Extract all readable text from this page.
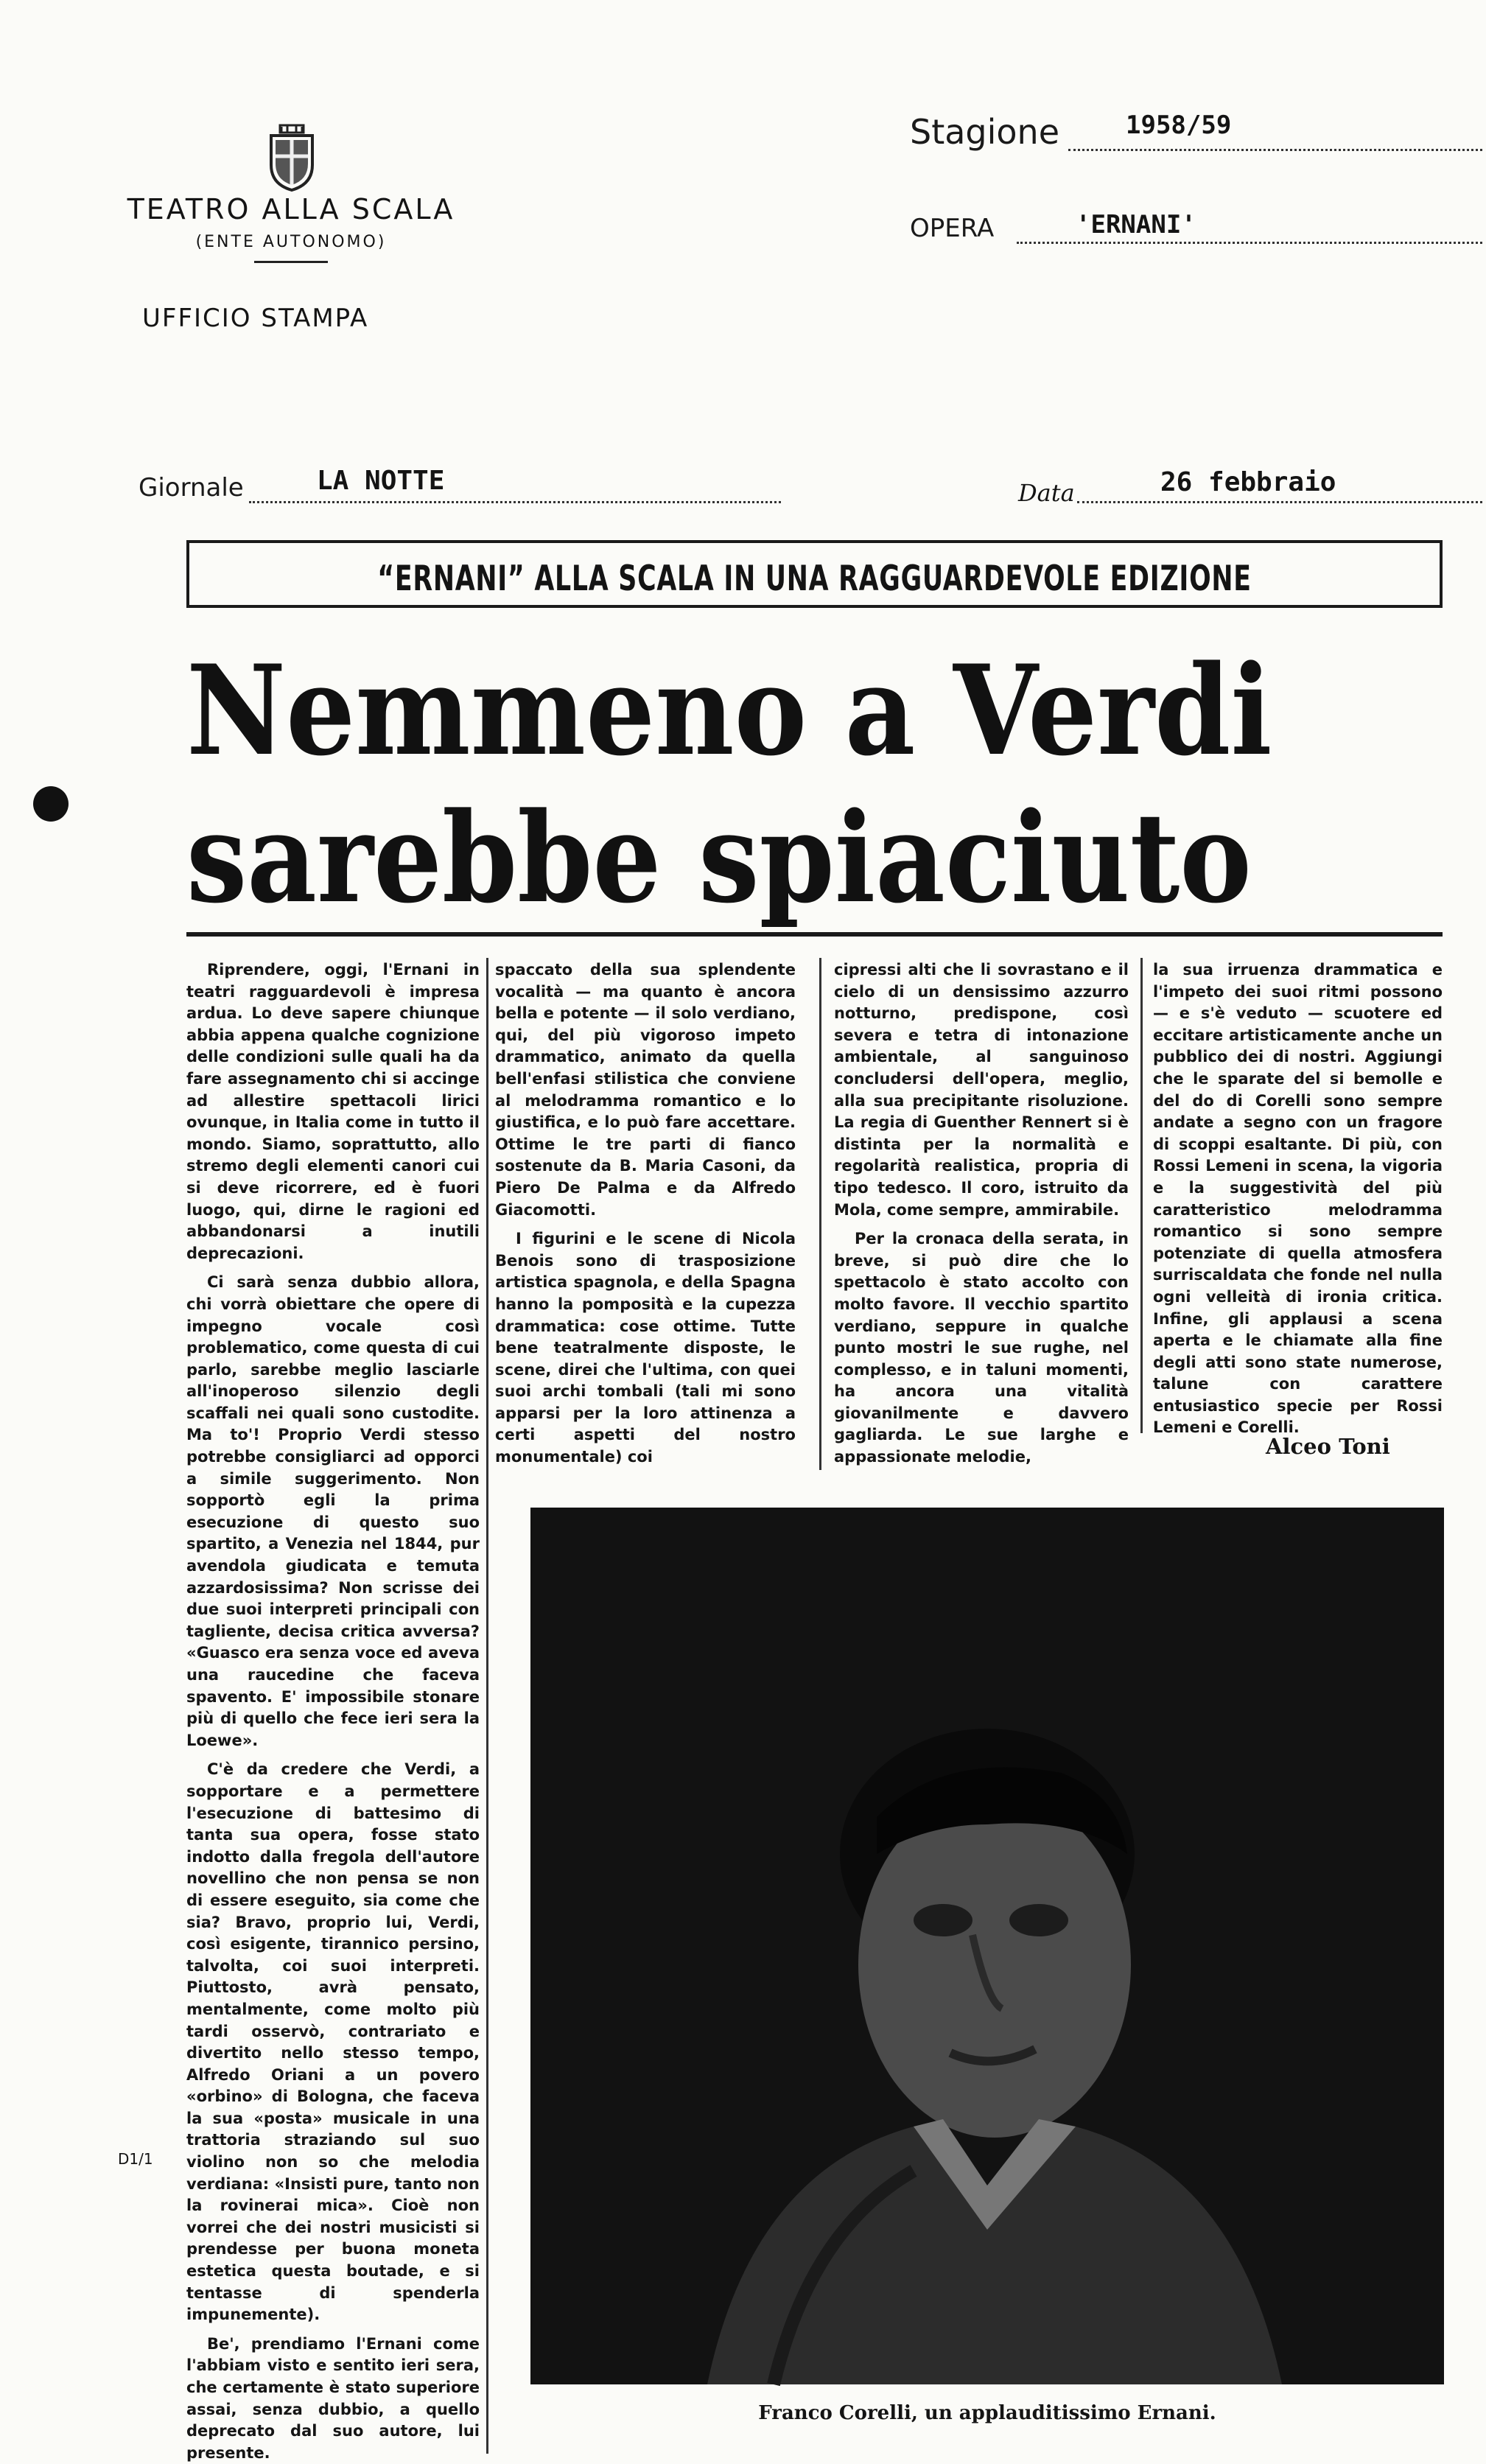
TEATRO ALLA SCALA
(ENTE AUTONOMO)
UFFICIO STAMPA
Stagione	1958/59
OPERA	'ERNANI'
Giornale	LA NOTTE	Data	26 febbraio
“ERNANI” ALLA SCALA IN UNA RAGGUARDEVOLE EDIZIONE
Nemmeno a Verdi
sarebbe spiaciuto

Riprendere, oggi, l'Ernani in teatri ragguardevoli è impresa ardua. Lo deve sapere chiunque abbia appena qualche cognizione delle condizioni sulle quali ha da fare assegnamento chi si accinge ad allestire spettacoli lirici ovunque, in Italia come in tutto il mondo. Siamo, soprattutto, allo stremo degli elementi canori cui si deve ricorrere, ed è fuori luogo, qui, dirne le ragioni ed abbandonarsi a inutili deprecazioni.

Ci sarà senza dubbio allora, chi vorrà obiettare che opere di impegno vocale così problematico, come questa di cui parlo, sarebbe meglio lasciarle all'inoperoso silenzio degli scaffali nei quali sono custodite. Ma to'! Proprio Verdi stesso potrebbe consigliarci ad opporci a simile suggerimento. Non sopportò egli la prima esecuzione di questo suo spartito, a Venezia nel 1844, pur avendola giudicata e temuta azzardosissima? Non scrisse dei due suoi interpreti principali con tagliente, decisa critica avversa? «Guasco era senza voce ed aveva una raucedine che faceva spavento. E' impossibile stonare più di quello che fece ieri sera la Loewe».

C'è da credere che Verdi, a sopportare e a permettere l'esecuzione di battesimo di tanta sua opera, fosse stato indotto dalla fregola dell'autore novellino che non pensa se non di essere eseguito, sia come che sia? Bravo, proprio lui, Verdi, così esigente, tirannico persino, talvolta, coi suoi interpreti. Piuttosto, avrà pensato, mentalmente, come molto più tardi osservò, contrariato e divertito nello stesso tempo, Alfredo Oriani a un povero «orbino» di Bologna, che faceva la sua «posta» musicale in una trattoria straziando sul suo violino non so che melodia verdiana: «Insisti pure, tanto non la rovinerai mica». Cioè non vorrei che dei nostri musicisti si prendesse per buona moneta estetica questa boutade, e si tentasse di spenderla impunemente).

Be', prendiamo l'Ernani come l'abbiam visto e sentito ieri sera, che certamente è stato superiore assai, senza dubbio, a quello deprecato dal suo autore, lui presente.

spaccato della sua splendente vocalità — ma quanto è ancora bella e potente — il solo verdiano, qui, del più vigoroso impeto drammatico, animato da quella bell'enfasi stilistica che conviene al melodramma romantico e lo giustifica, e lo può fare accettare. Ottime le tre parti di fianco sostenute da B. Maria Casoni, da Piero De Palma e da Alfredo Giacomotti.

I figurini e le scene di Nicola Benois sono di trasposizione artistica spagnola, e della Spagna hanno la pomposità e la cupezza drammatica: cose ottime. Tutte bene teatralmente disposte, le scene, direi che l'ultima, con quei suoi archi tombali (tali mi sono apparsi per la loro attinenza a certi aspetti del nostro monumentale) coi

cipressi alti che li sovrastano e il cielo di un densissimo azzurro notturno, predispone, così severa e tetra di intonazione ambientale, al sanguinoso concludersi dell'opera, meglio, alla sua precipitante risoluzione. La regia di Guenther Rennert si è distinta per la normalità e regolarità realistica, propria di tipo tedesco. Il coro, istruito da Mola, come sempre, ammirabile.

Per la cronaca della serata, in breve, si può dire che lo spettacolo è stato accolto con molto favore. Il vecchio spartito verdiano, seppure in qualche punto mostri le sue rughe, nel complesso, e in taluni momenti, ha ancora una vitalità giovanilmente e davvero gagliarda. Le sue larghe e appassionate melodie,

la sua irruenza drammatica e l'impeto dei suoi ritmi possono — e s'è veduto — scuotere ed eccitare artisticamente anche un pubblico dei di nostri. Aggiungi che le sparate del si bemolle e del do di Corelli sono sempre andate a segno con un fragore di scoppi esaltante. Di più, con Rossi Lemeni in scena, la vigoria e la suggestività del più caratteristico melodramma romantico si sono sempre potenziate di quella atmosfera surriscaldata che fonde nel nulla ogni velleità di ironia critica. Infine, gli applausi a scena aperta e le chiamate alla fine degli atti sono state numerose, talune con carattere entusiastico specie per Rossi Lemeni e Corelli.

Alceo Toni
Franco Corelli, un applauditissimo Ernani.
D1/1
